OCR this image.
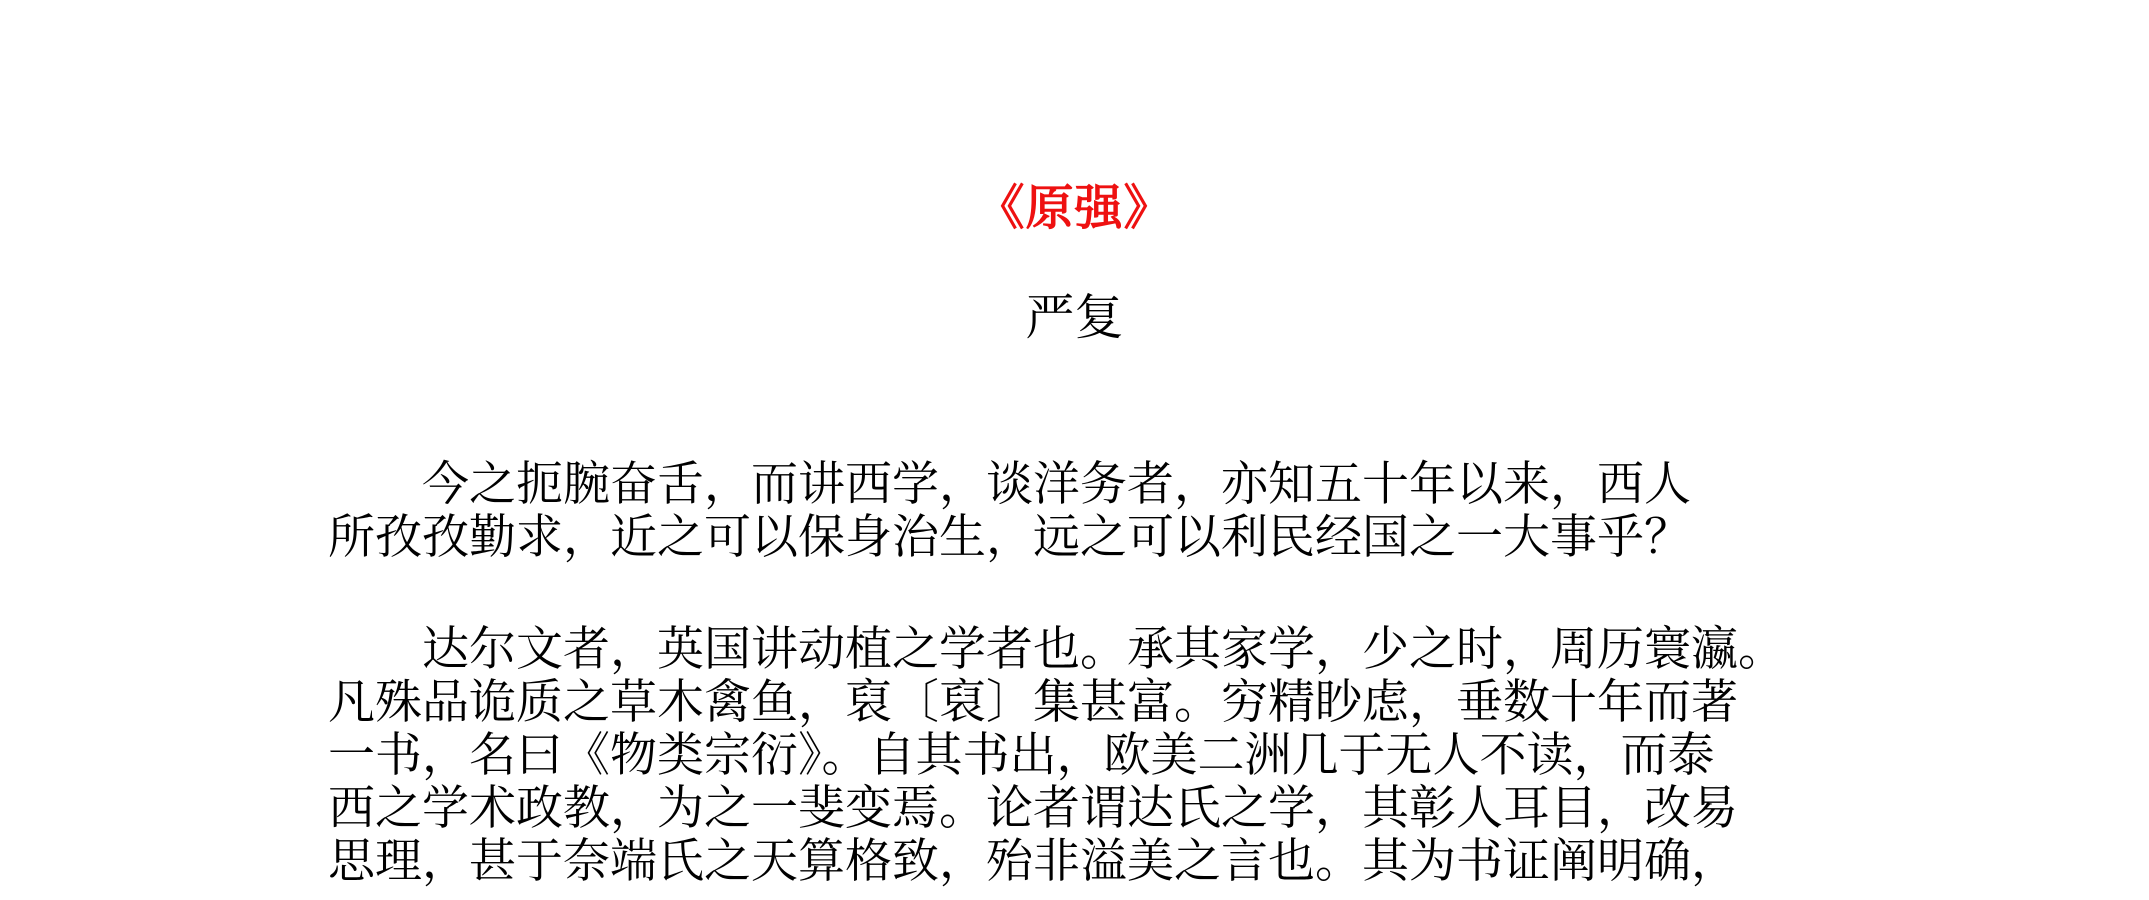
《原强》
严复
今之扼腕奋舌，而讲西学，谈洋务者，亦知五十年以来，西人
所孜孜勤求，近之可以保身治生，远之可以利民经国之一大事乎？
达尔文者，英国讲动植之学者也。承其家学，少之时，周历寰瀛。
凡殊品诡质之草木禽鱼，裒〔裒〕集甚富。穷精眇虑，垂数十年而著
一书，名曰《物类宗衍》。自其书出，欧美二洲几于无人不读，而泰
西之学术政教，为之一斐变焉。论者谓达氏之学，其彰人耳目，改易
思理，甚于奈端氏之天算格致，殆非溢美之言也。其为书证阐明确，
